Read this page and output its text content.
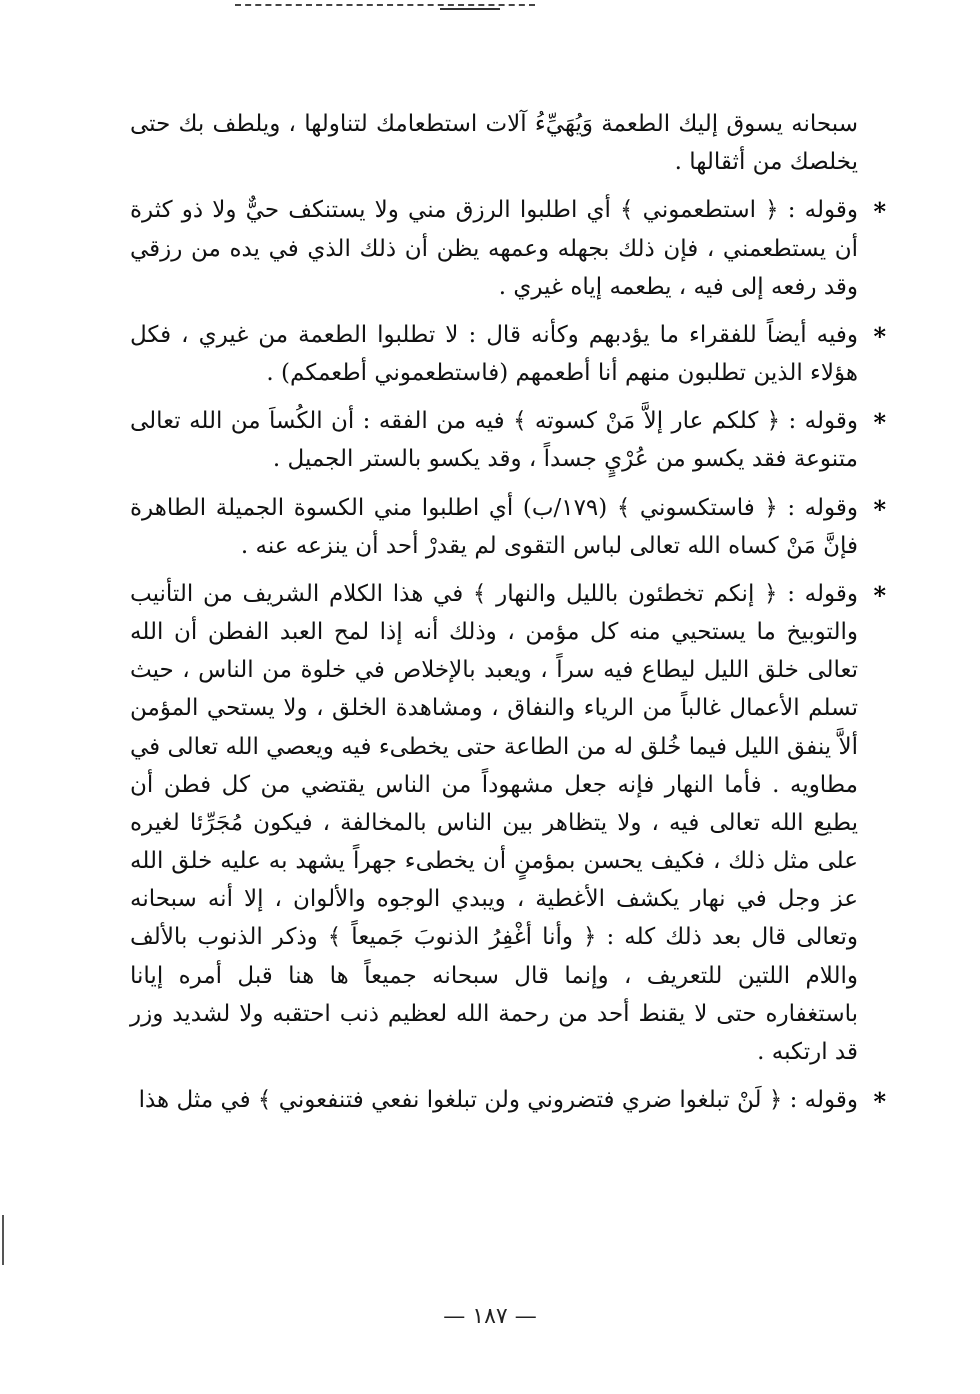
سبحانه يسوق إليك الطعمة وَيُهَيِّءُ آلات استطعامك لتناولها ، ويلطف بك حتى يخلصك من أثقالها .

*
وقوله : ﴿ استطعموني ﴾ أي اطلبوا الرزق مني ولا يستنكف حيٌّ ولا ذو كثرة أن يستطعمني ، فإن ذلك بجهله وعمهه يظن أن ذلك الذي في يده من رزقي وقد رفعه إلى فيه ، يطعمه إياه غيري .

*
وفيه أيضاً للفقراء ما يؤدبهم وكأنه قال : لا تطلبوا الطعمة من غيري ، فكل هؤلاء الذين تطلبون منهم أنا أطعمهم (فاستطعموني أطعمكم) .

*
وقوله : ﴿ كلكم عار إلاَّ مَنْ كسوته ﴾ فيه من الفقه : أن الكُساَ من الله تعالى متنوعة فقد يكسو من عُرْيٍ جسداً ، وقد يكسو بالستر الجميل .

*
وقوله : ﴿ فاستكسوني ﴾ (١٧٩/ب) أي اطلبوا مني الكسوة الجميلة الطاهرة فإنَّ مَنْ كساه الله تعالى لباس التقوى لم يقدرْ أحد أن ينزعه عنه .

*
وقوله : ﴿ إنكم تخطئون بالليل والنهار ﴾ في هذا الكلام الشريف من التأنيب والتوبيخ ما يستحيي منه كل مؤمن ، وذلك أنه إذا لمح العبد الفطن أن الله تعالى خلق الليل ليطاع فيه سراً ، ويعبد بالإخلاص في خلوة من الناس ، حيث تسلم الأعمال غالباً من الرياء والنفاق ، ومشاهدة الخلق ، ولا يستحي المؤمن ألاَّ ينفق الليل فيما خُلق له من الطاعة حتى يخطىء فيه ويعصي الله تعالى في مطاويه . فأما النهار فإنه جعل مشهوداً من الناس يقتضي من كل فطن أن يطيع الله تعالى فيه ، ولا يتظاهر بين الناس بالمخالفة ، فيكون مُجَرِّئا لغيره على مثل ذلك ، فكيف يحسن بمؤمنٍ أن يخطىء جهراً يشهد به عليه خلق الله عز وجل في نهار يكشف الأغطية ، ويبدي الوجوه والألوان ، إلا أنه سبحانه وتعالى قال بعد ذلك كله : ﴿ وأنا أغْفِرُ الذنوبَ جَميعاً ﴾ وذكر الذنوب بالألف واللام اللتين للتعريف ، وإنما قال سبحانه جميعاً ها هنا قبل أمره إيانا باستغفاره حتى لا يقنط أحد من رحمة الله لعظيم ذنب احتقبه ولا لشديد وزر قد ارتكبه .

*
وقوله : ﴿ لَنْ تبلغوا ضري فتضروني ولن تبلغوا نفعي فتنفعوني ﴾ في مثل هذا

— ١٨٧ —
